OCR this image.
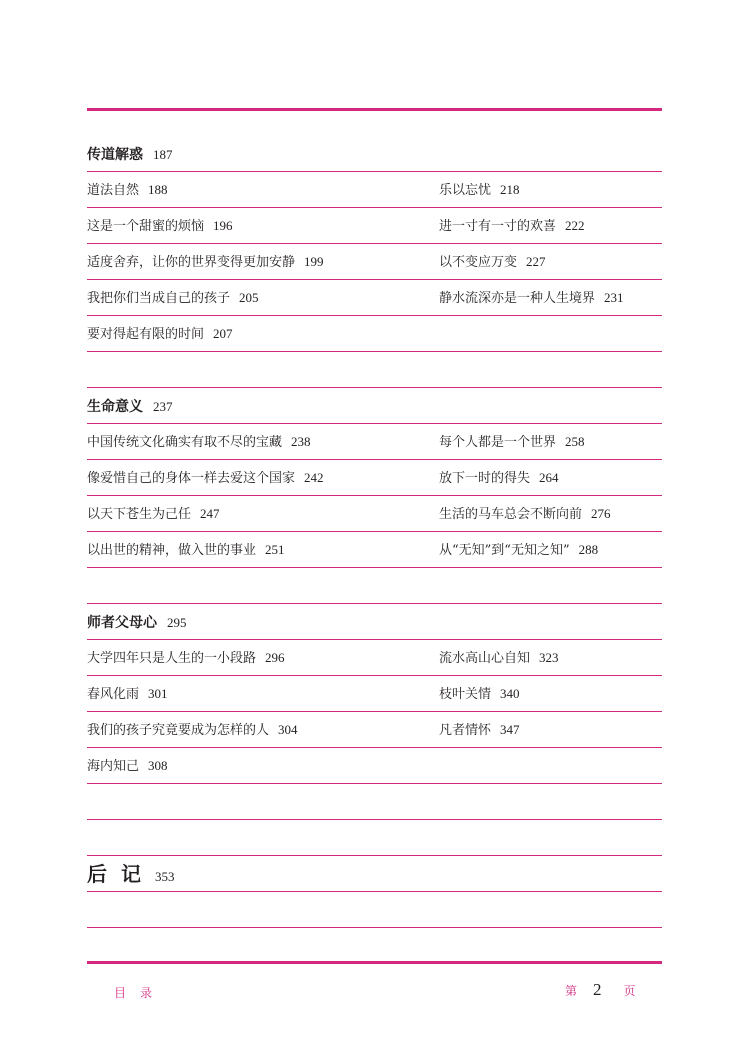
传道解惑 187
道法自然 188	乐以忘忧 218
这是一个甜蜜的烦恼 196	进一寸有一寸的欢喜 222
适度舍弃，让你的世界变得更加安静 199	以不变应万变 227
我把你们当成自己的孩子 205	静水流深亦是一种人生境界 231
要对得起有限的时间 207
生命意义 237
中国传统文化确实有取不尽的宝藏 238	每个人都是一个世界 258
像爱惜自己的身体一样去爱这个国家 242	放下一时的得失 264
以天下苍生为己任 247	生活的马车总会不断向前 276
以出世的精神，做入世的事业 251	从“无知”到“无知之知” 288
师者父母心 295
大学四年只是人生的一小段路 296	流水高山心自知 323
春风化雨 301	枝叶关情 340
我们的孩子究竟要成为怎样的人 304	凡者情怀 347
海内知己 308
后记353
目录	第 2 页
